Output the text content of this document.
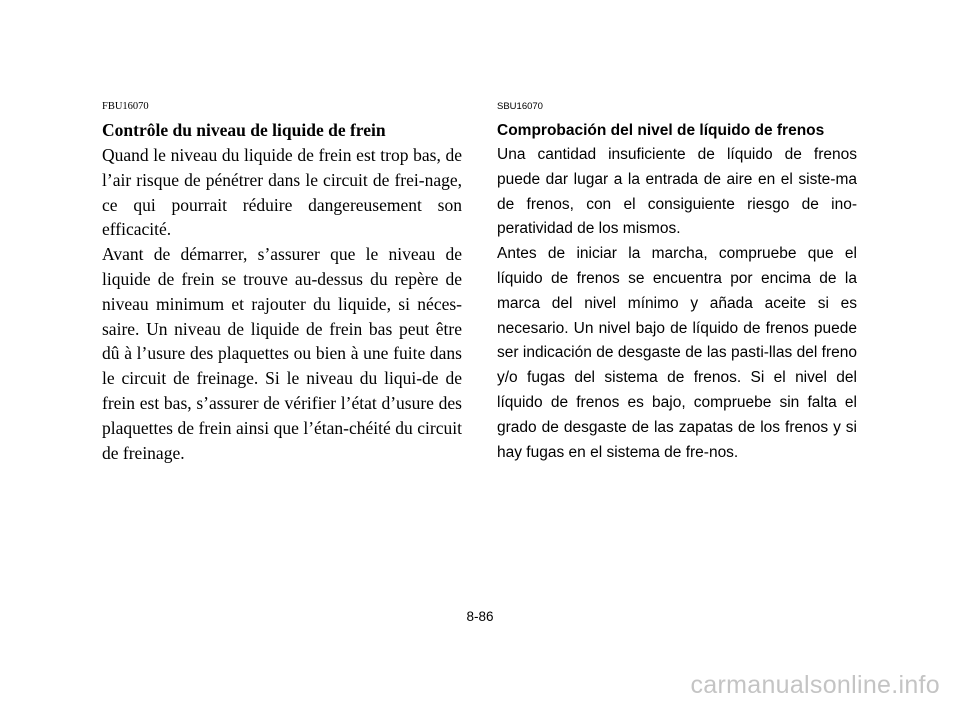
FBU16070
Contrôle du niveau de liquide de frein

Quand le niveau du liquide de frein est trop bas, de l’air risque de pénétrer dans le circuit de frei-nage, ce qui pourrait réduire dangereusement son efficacité.

Avant de démarrer, s’assurer que le niveau de liquide de frein se trouve au-dessus du repère de niveau minimum et rajouter du liquide, si néces-saire. Un niveau de liquide de frein bas peut être dû à l’usure des plaquettes ou bien à une fuite dans le circuit de freinage. Si le niveau du liqui-de de frein est bas, s’assurer de vérifier l’état d’usure des plaquettes de frein ainsi que l’étan-chéité du circuit de freinage.

SBU16070
Comprobación del nivel de líquido de frenos

Una cantidad insuficiente de líquido de frenos puede dar lugar a la entrada de aire en el siste-ma de frenos, con el consiguiente riesgo de ino-peratividad de los mismos.

Antes de iniciar la marcha, compruebe que el líquido de frenos se encuentra por encima de la marca del nivel mínimo y añada aceite si es necesario. Un nivel bajo de líquido de frenos puede ser indicación de desgaste de las pasti-llas del freno y/o fugas del sistema de frenos. Si el nivel del líquido de frenos es bajo, compruebe sin falta el grado de desgaste de las zapatas de los frenos y si hay fugas en el sistema de fre-nos.

8-86
carmanualsonline.info
